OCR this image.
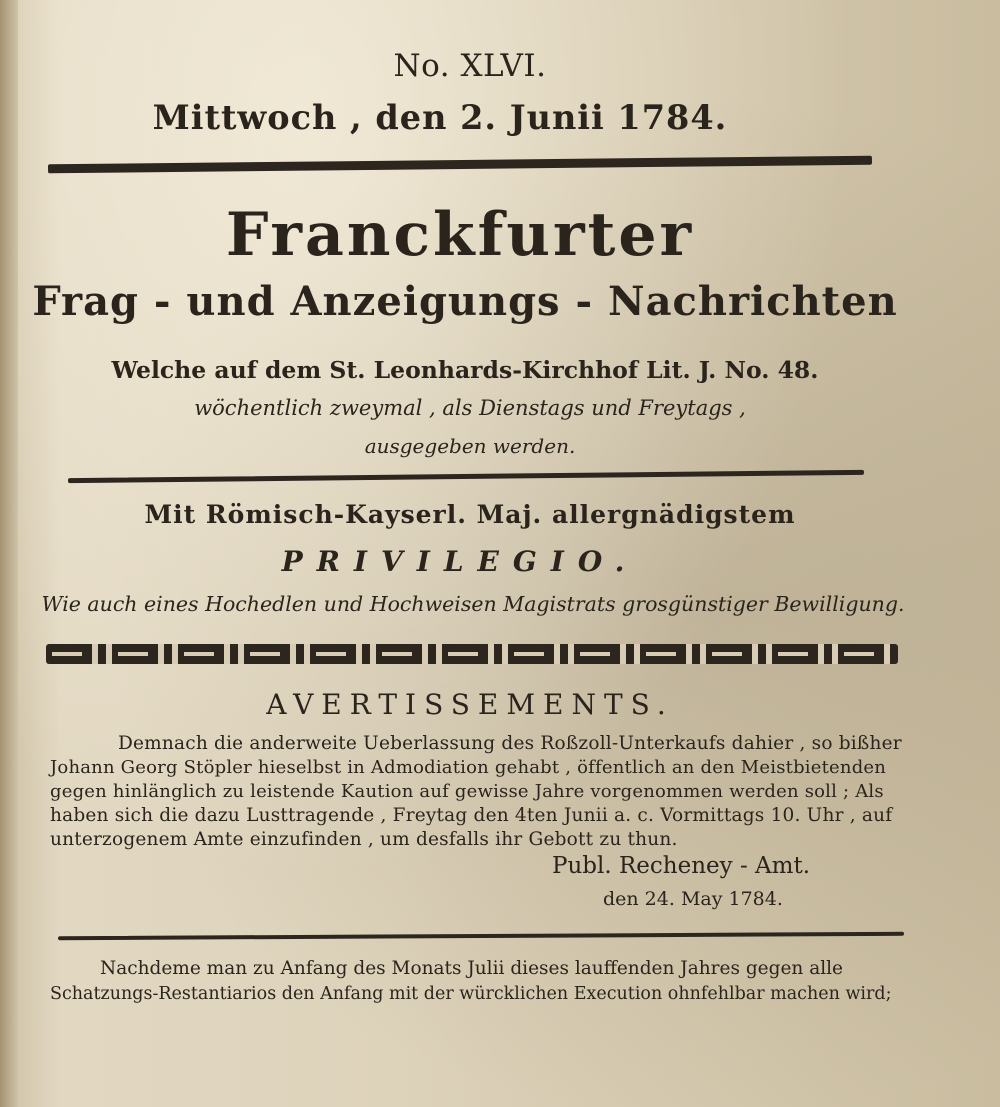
No. XLVI.
Mittwoch , den 2. Junii 1784.
Franckfurter
Frag - und Anzeigungs - Nachrichten
Welche auf dem St. Leonhards-Kirchhof Lit. J. No. 48.
wöchentlich zweymal , als Dienstags und Freytags ,
ausgegeben werden.
Mit Römisch-Kayserl. Maj. allergnädigstem
PRIVILEGIO.
Wie auch eines Hochedlen und Hochweisen Magistrats grosgünstiger Bewilligung.
AVERTISSEMENTS.
Demnach die anderweite Ueberlassung des Roßzoll-Unterkaufs dahier , so bißher
Johann Georg Stöpler hieselbst in Admodiation gehabt , öffentlich an den Meistbietenden
gegen hinlänglich zu leistende Kaution auf gewisse Jahre vorgenommen werden soll ; Als
haben sich die dazu Lusttragende , Freytag den 4ten Junii a. c. Vormittags 10. Uhr , auf
unterzogenem Amte einzufinden , um desfalls ihr Gebott zu thun.
Publ. Recheney - Amt.
den 24. May 1784.
Nachdeme man zu Anfang des Monats Julii dieses lauffenden Jahres gegen alle
Schatzungs-Restantiarios den Anfang mit der würcklichen Execution ohnfehlbar machen wird;
